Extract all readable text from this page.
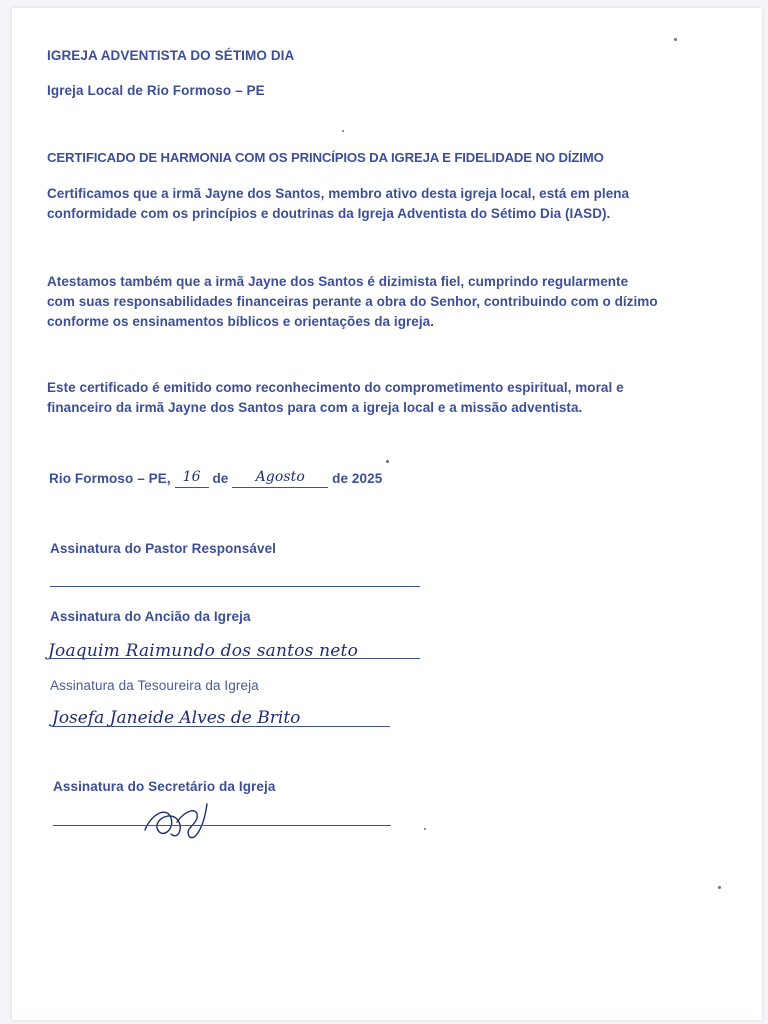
IGREJA ADVENTISTA DO SÉTIMO DIA
Igreja Local de Rio Formoso – PE
CERTIFICADO DE HARMONIA COM OS PRINCÍPIOS DA IGREJA E FIDELIDADE NO DÍZIMO
Certificamos que a irmã Jayne dos Santos, membro ativo desta igreja local, está em plena
conformidade com os princípios e doutrinas da Igreja Adventista do Sétimo Dia (IASD).
Atestamos também que a irmã Jayne dos Santos é dizimista fiel, cumprindo regularmente
com suas responsabilidades financeiras perante a obra do Senhor, contribuindo com o dízimo
conforme os ensinamentos bíblicos e orientações da igreja.
Este certificado é emitido como reconhecimento do comprometimento espiritual, moral e
financeiro da irmã Jayne dos Santos para com a igreja local e a missão adventista.
Rio Formoso – PE, 16 de Agosto de 2025
Assinatura do Pastor Responsável
Assinatura do Ancião da Igreja
Joaquim Raimundo dos santos neto
Assinatura da Tesoureira da Igreja
Josefa Janeide Alves de Brito
Assinatura do Secretário da Igreja
